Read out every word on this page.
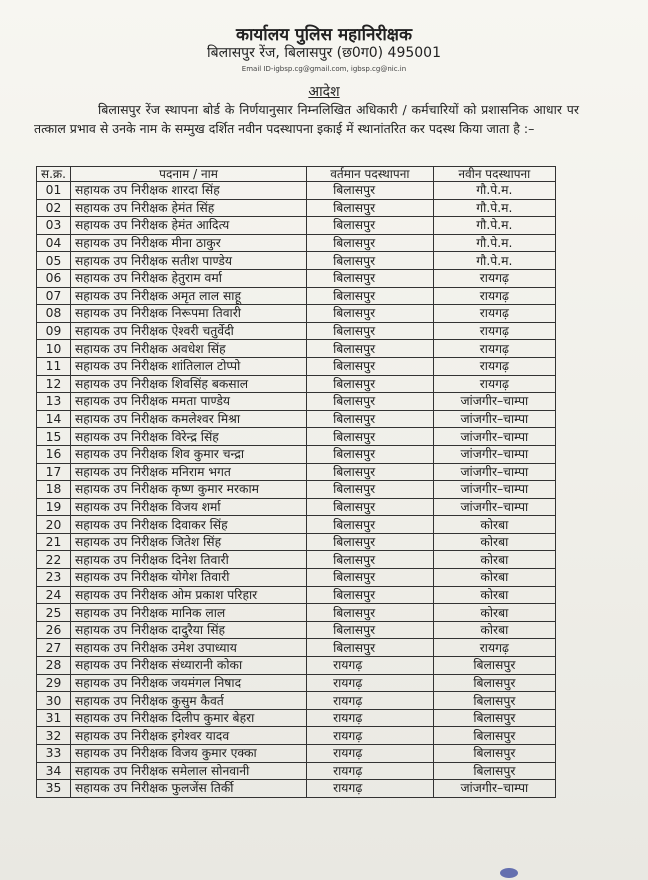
कार्यालय पुलिस महानिरीक्षक
बिलासपुर रेंज, बिलासपुर (छ0ग0) 495001
Email ID-igbsp.cg@gmail.com, igbsp.cg@nic.in
आदेश
बिलासपुर रेंज स्थापना बोर्ड के निर्णयानुसार निम्नलिखित अधिकारी / कर्मचारियों को प्रशासनिक आधार पर तत्काल प्रभाव से उनके नाम के सम्मुख दर्शित नवीन पदस्थापना इकाई में स्थानांतरित कर पदस्थ किया जाता है :–
स.क्र.	पदनाम / नाम	वर्तमान पदस्थापना	नवीन पदस्थापना
01	सहायक उप निरीक्षक शारदा सिंह	बिलासपुर	गौ.पे.म.
02	सहायक उप निरीक्षक हेमंत सिंह	बिलासपुर	गौ.पे.म.
03	सहायक उप निरीक्षक हेमंत आदित्य	बिलासपुर	गौ.पे.म.
04	सहायक उप निरीक्षक मीना ठाकुर	बिलासपुर	गौ.पे.म.
05	सहायक उप निरीक्षक सतीश पाण्डेय	बिलासपुर	गौ.पे.म.
06	सहायक उप निरीक्षक हेतुराम वर्मा	बिलासपुर	रायगढ़
07	सहायक उप निरीक्षक अमृत लाल साहू	बिलासपुर	रायगढ़
08	सहायक उप निरीक्षक निरूपमा तिवारी	बिलासपुर	रायगढ़
09	सहायक उप निरीक्षक ऐश्वरी चतुर्वेदी	बिलासपुर	रायगढ़
10	सहायक उप निरीक्षक अवधेश सिंह	बिलासपुर	रायगढ़
11	सहायक उप निरीक्षक शांतिलाल टोप्पो	बिलासपुर	रायगढ़
12	सहायक उप निरीक्षक शिवसिंह बकसाल	बिलासपुर	रायगढ़
13	सहायक उप निरीक्षक ममता पाण्डेय	बिलासपुर	जांजगीर–चाम्पा
14	सहायक उप निरीक्षक कमलेश्वर मिश्रा	बिलासपुर	जांजगीर–चाम्पा
15	सहायक उप निरीक्षक विरेन्द्र सिंह	बिलासपुर	जांजगीर–चाम्पा
16	सहायक उप निरीक्षक शिव कुमार चन्द्रा	बिलासपुर	जांजगीर–चाम्पा
17	सहायक उप निरीक्षक मनिराम भगत	बिलासपुर	जांजगीर–चाम्पा
18	सहायक उप निरीक्षक कृष्ण कुमार मरकाम	बिलासपुर	जांजगीर–चाम्पा
19	सहायक उप निरीक्षक विजय शर्मा	बिलासपुर	जांजगीर–चाम्पा
20	सहायक उप निरीक्षक दिवाकर सिंह	बिलासपुर	कोरबा
21	सहायक उप निरीक्षक जितेश सिंह	बिलासपुर	कोरबा
22	सहायक उप निरीक्षक दिनेश तिवारी	बिलासपुर	कोरबा
23	सहायक उप निरीक्षक योगेश तिवारी	बिलासपुर	कोरबा
24	सहायक उप निरीक्षक ओम प्रकाश परिहार	बिलासपुर	कोरबा
25	सहायक उप निरीक्षक मानिक लाल	बिलासपुर	कोरबा
26	सहायक उप निरीक्षक दादुरैया सिंह	बिलासपुर	कोरबा
27	सहायक उप निरीक्षक उमेश उपाध्याय	बिलासपुर	रायगढ़
28	सहायक उप निरीक्षक संध्यारानी कोका	रायगढ़	बिलासपुर
29	सहायक उप निरीक्षक जयमंगल निषाद	रायगढ़	बिलासपुर
30	सहायक उप निरीक्षक कुसुम कैवर्त	रायगढ़	बिलासपुर
31	सहायक उप निरीक्षक दिलीप कुमार बेहरा	रायगढ़	बिलासपुर
32	सहायक उप निरीक्षक इगेश्वर यादव	रायगढ़	बिलासपुर
33	सहायक उप निरीक्षक विजय कुमार एक्का	रायगढ़	बिलासपुर
34	सहायक उप निरीक्षक समेलाल सोनवानी	रायगढ़	बिलासपुर
35	सहायक उप निरीक्षक फुलजेंस तिर्की	रायगढ़	जांजगीर–चाम्पा
